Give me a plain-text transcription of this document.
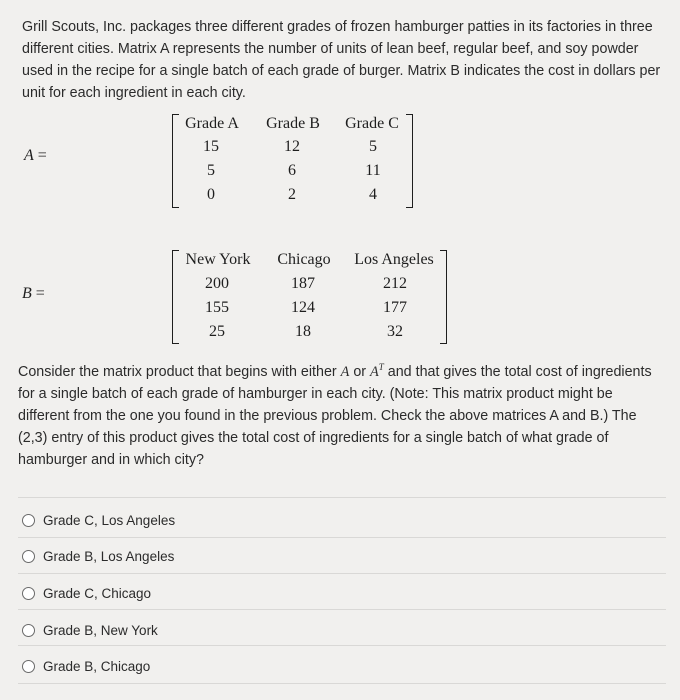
Grill Scouts, Inc. packages three different grades of frozen hamburger patties in its factories in three different cities. Matrix A represents the number of units of lean beef, regular beef, and soy powder used in the recipe for a single batch of each grade of burger. Matrix B indicates the cost in dollars per unit for each ingredient in each city.
A =
Grade A	Grade B	Grade C
15	12	5
5	6	11
0	2	4
B =
New York	Chicago	Los Angeles
200	187	212
155	124	177
25	18	32
Consider the matrix product that begins with either A or $A^T$ and that gives the total cost of ingredients for a single batch of each grade of hamburger in each city. (Note: This matrix product might be different from the one you found in the previous problem. Check the above matrices A and B.) The (2,3) entry of this product gives the total cost of ingredients for a single batch of what grade of hamburger and in which city?
Grade C, Los Angeles
Grade B, Los Angeles
Grade C, Chicago
Grade B, New York
Grade B, Chicago
